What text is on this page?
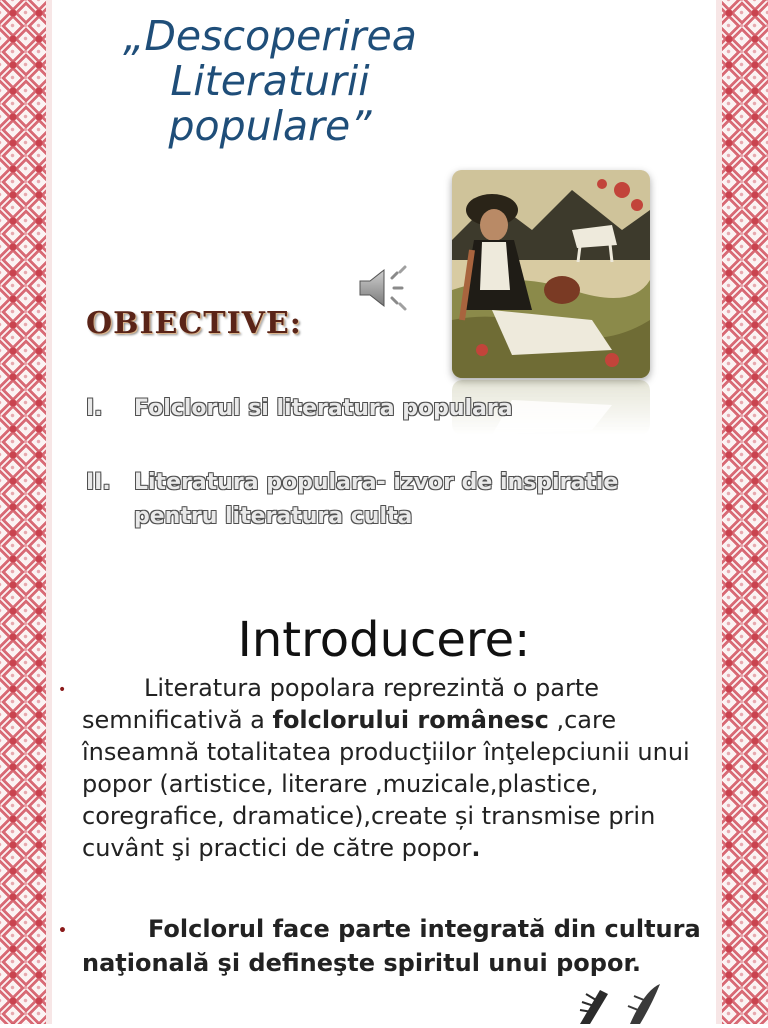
„Descoperirea
Literaturii
populare”
OBIECTIVE:
I.	Folclorul si literatura populara
II.	Literatura populara- izvor de inspiratie pentru literatura culta
Introducere:
•	Literatura popolara reprezintă o parte semnificativă a folclorului românesc ,care înseamnă totalitatea producţiilor înţelepciunii unui popor (artistice, literare ,muzicale,plastice, coregrafice, dramatice),create și transmise prin cuvânt şi practici de către popor.
•	Folclorul face parte integrată din cultura naţională şi defineşte spiritul unui popor.
